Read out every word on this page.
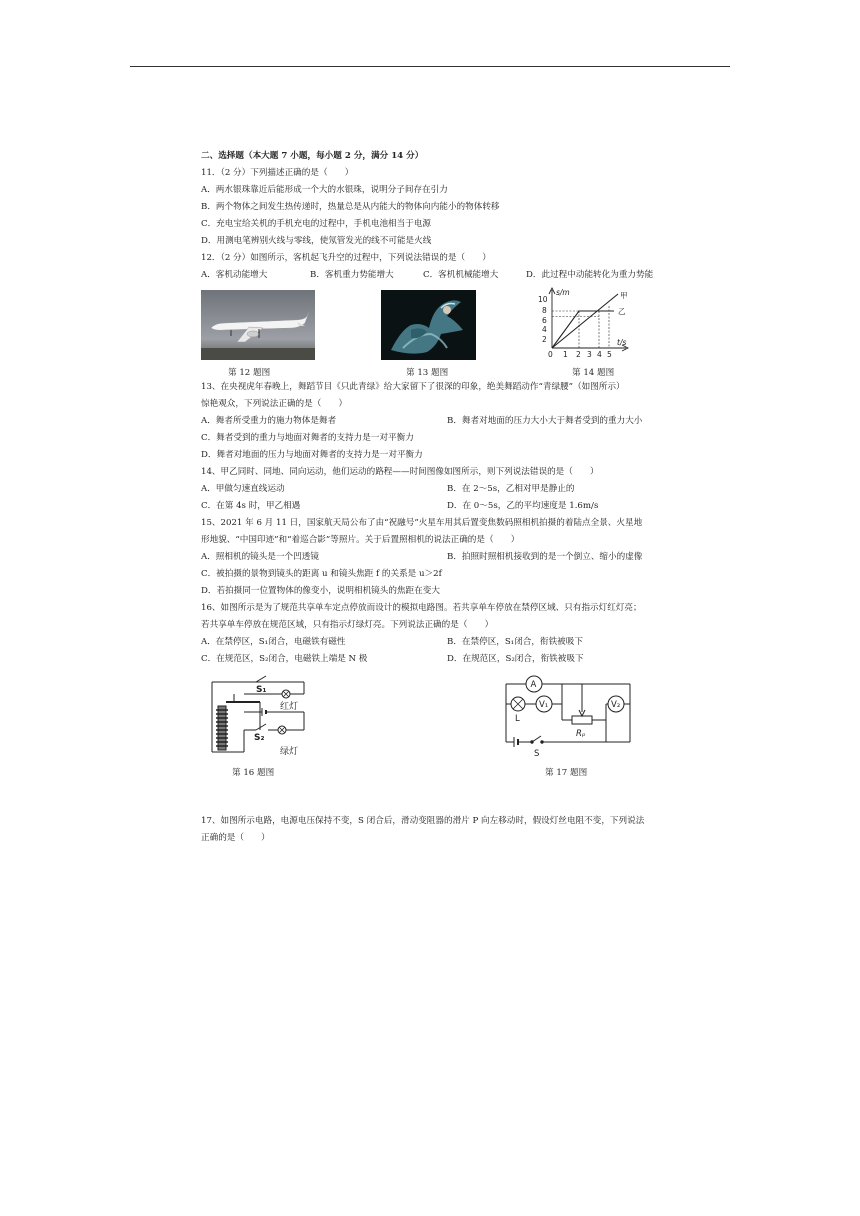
二、选择题（本大题 7 小题，每小题 2 分，满分 14 分）
11．（2 分）下列描述正确的是（　　）
A．两水银珠靠近后能形成一个大的水银珠，说明分子间存在引力
B．两个物体之间发生热传递时，热量总是从内能大的物体向内能小的物体转移
C．充电宝给关机的手机充电的过程中，手机电池相当于电源
D．用测电笔辨别火线与零线，使氖管发光的线不可能是火线
12．（2 分）如图所示，客机起飞升空的过程中，下列说法错误的是（　　）
A．客机动能增大	B．客机重力势能增大	C．客机机械能增大	D．此过程中动能转化为重力势能
第 12 题图	第 13 题图
10
8
6
4
2
0 1 2 3 4 5
s/m
t/s
甲
乙
第 14 题图
13、在央视虎年春晚上，舞蹈节目《只此青绿》给大家留下了很深的印象，绝美舞蹈动作“青绿腰”（如图所示）
惊艳观众，下列说法正确的是（　　）
A．舞者所受重力的施力物体是舞者	B．舞者对地面的压力大小大于舞者受到的重力大小
C．舞者受到的重力与地面对舞者的支持力是一对平衡力
D．舞者对地面的压力与地面对舞者的支持力是一对平衡力
14、甲乙同时、同地、同向运动，他们运动的路程——时间图像如图所示，则下列说法错误的是（　　）
A．甲做匀速直线运动	B．在 2～5s，乙相对甲是静止的
C．在第 4s 时，甲乙相遇	D．在 0～5s，乙的平均速度是 1.6m/s
15、2021 年 6 月 11 日，国家航天局公布了由“祝融号”火星车用其后置变焦数码照相机拍摄的着陆点全景、火星地
形地貌、“中国印迹”和“着巡合影”等照片。关于后置照相机的说法正确的是（　　）
A．照相机的镜头是一个凹透镜	B．拍照时照相机接收到的是一个倒立、缩小的虚像
C．被拍摄的景物到镜头的距离 u 和镜头焦距 f 的关系是 u＞2f
D．若拍摄同一位置物体的像变小，说明相机镜头的焦距在变大
16、如图所示是为了规范共享单车定点停放而设计的模拟电路图。若共享单车停放在禁停区域、只有指示灯红灯亮；
若共享单车停放在规范区域，只有指示灯绿灯亮。下列说法正确的是（　　）
A．在禁停区，S₁闭合，电磁铁有磁性	B．在禁停区，S₁闭合，衔铁被吸下
C．在规范区，S₂闭合，电磁铁上端是 N 极	D．在规范区，S₂闭合，衔铁被吸下
S₁
红灯
S₂
绿灯
第 16 题图
A
V₁	V₂
L
S
Rₚ
第 17 题图
17、如图所示电路，电源电压保持不变，S 闭合后，滑动变阻器的滑片 P 向左移动时，假设灯丝电阻不变，下列说法
正确的是（　　）
